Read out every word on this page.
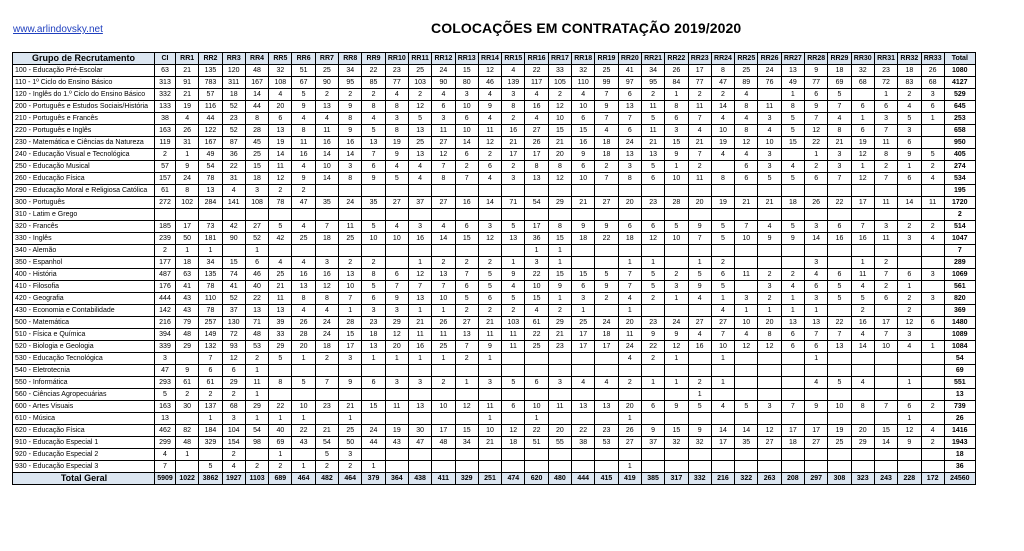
www.arlindovsky.net	COLOCAÇÕES EM CONTRATAÇÃO 2019/2020
Grupo de Recrutamento	CI	RR1	RR2	RR3	RR4	RR5	RR6	RR7	RR8	RR9	RR10	RR11	RR12	RR13	RR14	RR15	RR16	RR17	RR18	RR19	RR20	RR21	RR22	RR23	RR24	RR25	RR26	RR27	RR28	RR29	RR30	RR31	RR32	RR33	Total
100 - Educação Pré-Escolar	63	21	135	120	48	32	51	25	34	22	23	25	24	15	12	4	22	33	32	25	41	34	26	17	8	25	24	13	9	18	32	23	18	26	1080
110 - 1º Ciclo do Ensino Básico	313	91	783	311	167	108	67	90	95	85	77	103	90	80	46	139	117	105	110	99	97	95	84	77	47	89	76	49	77	69	68	72	83	68	4127
120 - Inglês do 1.º Ciclo do Ensino Básico	332	21	57	18	14	4	5	2	2	2	4	2	4	3	4	3	4	2	4	7	6	2	1	2	2	4		1	6	5		1	2	3	529
200 - Português e Estudos Sociais/História	133	19	116	52	44	20	9	13	9	8	8	12	6	10	9	8	16	12	10	9	13	11	8	11	14	8	11	8	9	7	6	6	4	6	645
210 - Português e Francês	38	4	44	23	8	6	4	4	8	4	3	5	3	6	4	2	4	10	6	7	7	5	6	7	4	4	3	5	7	4	1	3	5	1	253
220 - Português e Inglês	163	26	122	52	28	13	8	11	9	5	8	13	11	10	11	16	27	15	15	4	6	11	3	4	10	8	4	5	12	8	6	7	3		658
230 - Matemática e Ciências da Natureza	119	31	167	87	45	19	11	16	16	13	19	25	27	14	12	21	26	21	16	18	24	21	15	21	19	12	10	15	22	21	19	11	6		950
240 - Educação Visual e Tecnológica	2	1	49	36	25	14	16	14	14	7	9	13	12	6	2	17	17	20	9	18	13	13	9	7	4	4	3		1	3	12	8	9	5	405
250 - Educação Musical	57	9	54	22	15	11	4	10	3	6	4	4	7	2	6	2	8	8	6	2	3	5	1	2		6	3	4	2	3	1	2	1	2	274
260 - Educação Física	157	24	78	31	18	12	9	14	8	9	5	4	8	7	4	3	13	12	10	7	8	6	10	11	8	6	5	5	6	7	12	7	6	4	534
290 - Educação Moral e Religiosa Católica	61	8	13	4	3	2	2																												195
300 - Português	272	102	284	141	108	78	47	35	24	35	27	37	27	16	14	71	54	29	21	27	20	23	28	20	19	21	21	18	26	22	17	11	14	11	1720
310 - Latim e Grego																																			2
320 - Francês	185	17	73	42	27	5	4	7	11	5	4	3	4	6	3	5	17	8	9	9	6	6	5	9	5	7	4	5	3	6	7	3	2	2	514
330 - Inglês	239	50	181	90	52	42	25	18	25	10	10	16	14	15	12	13	36	15	18	22	18	12	10	7	5	10	9	9	14	16	16	11	3	4	1047
340 - Alemão	2	1	1		1												1	1																	7
350 - Espanhol	177	18	34	15	6	4	4	3	2	2		1	2	2	2	1	3	1			1	1		1	2				3		1	2			289
400 - História	487	63	135	74	46	25	16	16	13	8	6	12	13	7	5	9	22	15	15	5	7	5	2	5	6	11	2	2	4	6	11	7	6	3	1069
410 - Filosofia	176	41	78	41	40	21	13	12	10	5	7	7	7	6	5	4	10	9	6	9	7	5	3	9	5		3	4	6	5	4	2	1		561
420 - Geografia	444	43	110	52	22	11	8	8	7	6	9	13	10	5	6	5	15	1	3	2	4	2	1	4	1	3	2	1	3	5	5	6	2	3	820
430 - Economia e Contabilidade	142	43	78	37	13	13	4	4	1	3	3	1	1	2	2	2	4	2	1		1				4	1	1	1	1		2		2		369
500 - Matemática	216	79	257	130	71	39	26	24	28	23	29	21	26	27	21	103	61	29	25	24	20	23	24	27	27	10	20	13	13	22	16	17	12	6	1480
510 - Física e Química	394	48	149	72	48	33	28	24	15	18	12	11	11	13	11	11	22	21	17	18	11	9	9	4	7	4	8	6	7	7	4	7	3		1089
520 - Biologia e Geologia	339	29	132	93	53	29	20	18	17	13	20	16	25	7	9	11	25	23	17	17	24	22	12	16	10	12	12	6	6	13	14	10	4	1	1084
530 - Educação Tecnológica	3		7	12	2	5	1	2	3	1	1	1	1	2	1						4	2	1		1				1						54
540 - Eletrotecnia	47	9	6	6	1																														69
550 - Informática	293	61	61	29	11	8	5	7	9	6	3	3	2	1	3	5	6	3	4	4	2	1	1	2	1				4	5	4		1		551
560 - Ciências Agropecuárias	5	2	2	2	1																			1											13
600 - Artes Visuais	163	30	137	68	29	22	10	23	21	15	11	13	10	12	11	6	10	11	13	13	20	6	9	5	4	5	3	7	9	10	8	7	6	2	739
610 - Música	13		1	3	1	1	1		1						1		1				1												1		26
620 - Educação Física	462	82	184	104	54	40	22	21	25	24	19	30	17	15	10	12	22	20	22	23	26	9	15	9	14	14	12	17	17	19	20	15	12	4	1416
910 - Educação Especial 1	299	48	329	154	98	69	43	54	50	44	43	47	48	34	21	18	51	55	38	53	27	37	32	32	17	35	27	18	27	25	29	14	9	2	1943
920 - Educação Especial 2	4	1		2		1		5	3																										18
930 - Educação Especial 3	7		5	4	2	2	1	2	2	1											1														36
Total Geral	5909	1022	3862	1927	1103	689	464	482	464	379	364	438	411	329	251	474	620	480	444	415	419	385	317	332	216	322	263	208	297	308	323	243	228	172	24560
